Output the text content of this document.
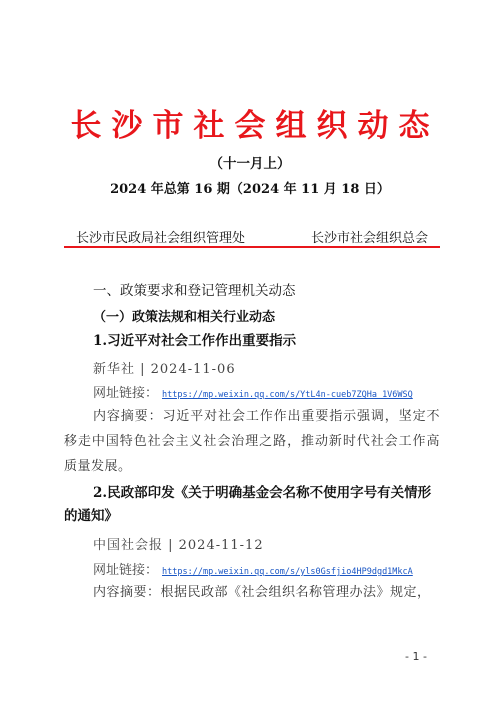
长沙市社会组织动态
（十一月上）
2024 年总第 16 期（2024 年 11 月 18 日）
长沙市民政局社会组织管理处	长沙市社会组织总会
一、政策要求和登记管理机关动态
（一）政策法规和相关行业动态
1.习近平对社会工作作出重要指示
新华社 | 2024-11-06
网址链接： https://mp.weixin.qq.com/s/YtL4n-cueb7ZQHa_1V6WSQ
内容摘要：习近平对社会工作作出重要指示强调，坚定不移走中国特色社会主义社会治理之路，推动新时代社会工作高质量发展。
2.民政部印发《关于明确基金会名称不使用字号有关情形的通知》
中国社会报 | 2024-11-12
网址链接： https://mp.weixin.qq.com/s/yls0Gsfjio4HP9dgd1MkcA
内容摘要：根据民政部《社会组织名称管理办法》规定，
- 1 -
